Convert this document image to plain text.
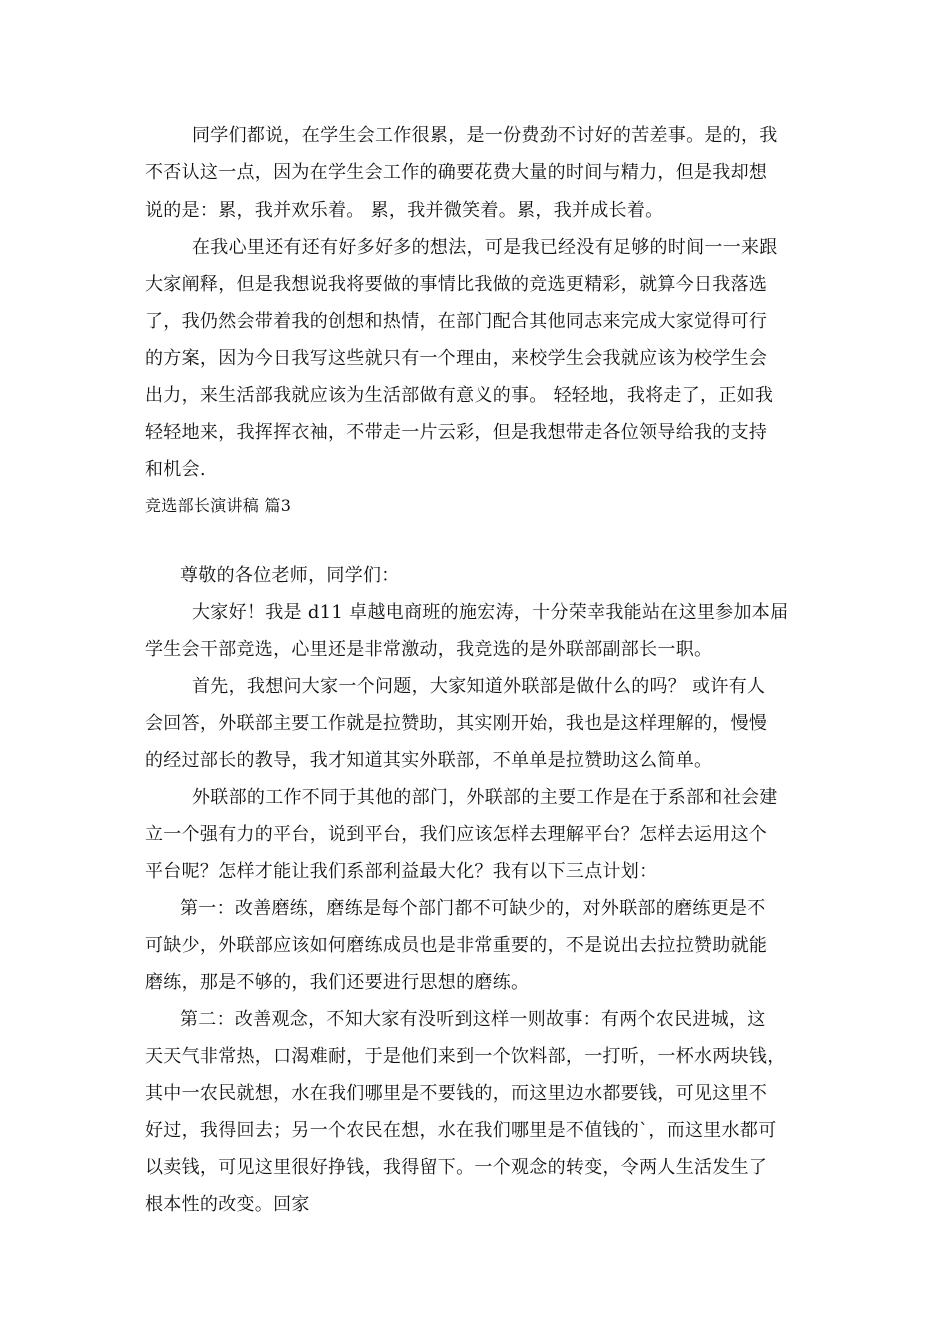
同学们都说，在学生会工作很累，是一份费劲不讨好的苦差事。是的，我
不否认这一点，因为在学生会工作的确要花费大量的时间与精力，但是我却想
说的是：累，我并欢乐着。 累，我并微笑着。累，我并成长着。
在我心里还有还有好多好多的想法，可是我已经没有足够的时间一一来跟
大家阐释，但是我想说我将要做的事情比我做的竞选更精彩，就算今日我落选
了，我仍然会带着我的创想和热情，在部门配合其他同志来完成大家觉得可行
的方案，因为今日我写这些就只有一个理由，来校学生会我就应该为校学生会
出力，来生活部我就应该为生活部做有意义的事。 轻轻地，我将走了，正如我
轻轻地来，我挥挥衣袖，不带走一片云彩，但是我想带走各位领导给我的支持
和机会.
竞选部长演讲稿 篇3
尊敬的各位老师，同学们：
大家好！我是 d11 卓越电商班的施宏涛，十分荣幸我能站在这里参加本届
学生会干部竞选，心里还是非常激动，我竞选的是外联部副部长一职。
首先，我想问大家一个问题，大家知道外联部是做什么的吗？ 或许有人
会回答，外联部主要工作就是拉赞助，其实刚开始，我也是这样理解的，慢慢
的经过部长的教导，我才知道其实外联部，不单单是拉赞助这么简单。
外联部的工作不同于其他的部门，外联部的主要工作是在于系部和社会建
立一个强有力的平台，说到平台，我们应该怎样去理解平台？怎样去运用这个
平台呢？怎样才能让我们系部利益最大化？我有以下三点计划：
第一：改善磨练，磨练是每个部门都不可缺少的，对外联部的磨练更是不
可缺少，外联部应该如何磨练成员也是非常重要的，不是说出去拉拉赞助就能
磨练，那是不够的，我们还要进行思想的磨练。
第二：改善观念，不知大家有没听到这样一则故事：有两个农民进城，这
天天气非常热，口渴难耐，于是他们来到一个饮料部，一打听，一杯水两块钱，
其中一农民就想，水在我们哪里是不要钱的，而这里边水都要钱，可见这里不
好过，我得回去；另一个农民在想，水在我们哪里是不值钱的`，而这里水都可
以卖钱，可见这里很好挣钱，我得留下。一个观念的转变，令两人生活发生了
根本性的改变。回家
